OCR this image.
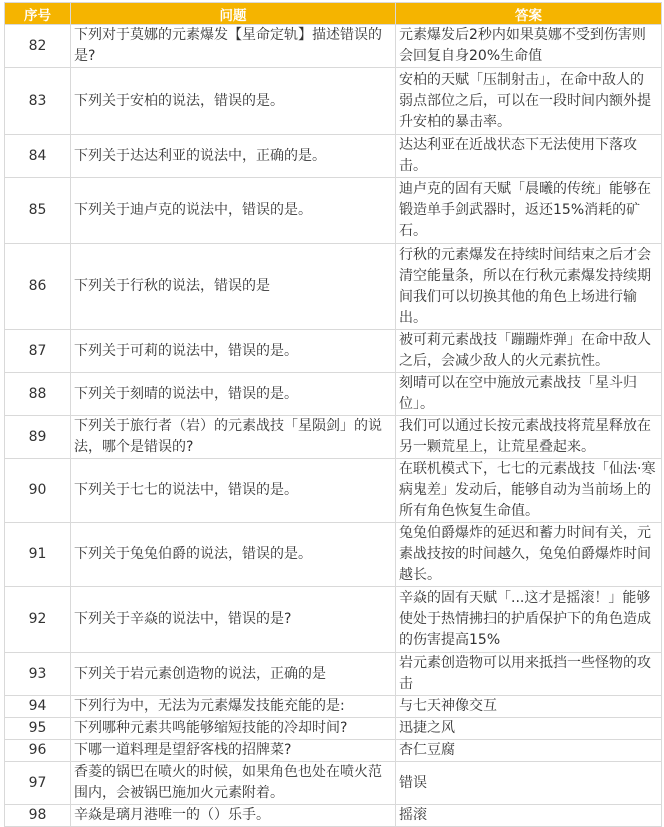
序号	问题	答案
82	下列对于莫娜的元素爆发【星命定轨】描述错误的是?	元素爆发后2秒内如果莫娜不受到伤害则会回复自身20%生命值
83	下列关于安柏的说法，错误的是。	安柏的天赋「压制射击」，在命中敌人的弱点部位之后，可以在一段时间内额外提升安柏的暴击率。
84	下列关于达达利亚的说法中，正确的是。	达达利亚在近战状态下无法使用下落攻击。
85	下列关于迪卢克的说法中，错误的是。	迪卢克的固有天赋「晨曦的传统」能够在锻造单手剑武器时，返还15%消耗的矿石。
86	下列关于行秋的说法，错误的是	行秋的元素爆发在持续时间结束之后才会清空能量条，所以在行秋元素爆发持续期间我们可以切换其他的角色上场进行输出。
87	下列关于可莉的说法中，错误的是。	被可莉元素战技「蹦蹦炸弹」在命中敌人之后，会减少敌人的火元素抗性。
88	下列关于刻晴的说法中，错误的是。	刻晴可以在空中施放元素战技「星斗归位」。
89	下列关于旅行者（岩）的元素战技「星陨剑」的说法，哪个是错误的?	我们可以通过长按元素战技将荒星释放在另一颗荒星上，让荒星叠起来。
90	下列关于七七的说法中，错误的是。	在联机模式下，七七的元素战技「仙法·寒病鬼差」发动后，能够自动为当前场上的所有角色恢复生命值。
91	下列关于兔兔伯爵的说法，错误的是。	兔兔伯爵爆炸的延迟和蓄力时间有关，元素战技按的时间越久，兔兔伯爵爆炸时间越长。
92	下列关于辛焱的说法中，错误的是?	辛焱的固有天赋「...这才是摇滚！」能够使处于热情拂扫的护盾保护下的角色造成的伤害提高15%
93	下列关于岩元素创造物的说法，正确的是	岩元素创造物可以用来抵挡一些怪物的攻击
94	下列行为中，无法为元素爆发技能充能的是:	与七天神像交互
95	下列哪种元素共鸣能够缩短技能的冷却时间?	迅捷之风
96	下哪一道料理是望舒客栈的招牌菜?	杏仁豆腐
97	香菱的锅巴在喷火的时候，如果角色也处在喷火范围内，会被锅巴施加火元素附着。	错误
98	辛焱是璃月港唯一的（）乐手。	摇滚
